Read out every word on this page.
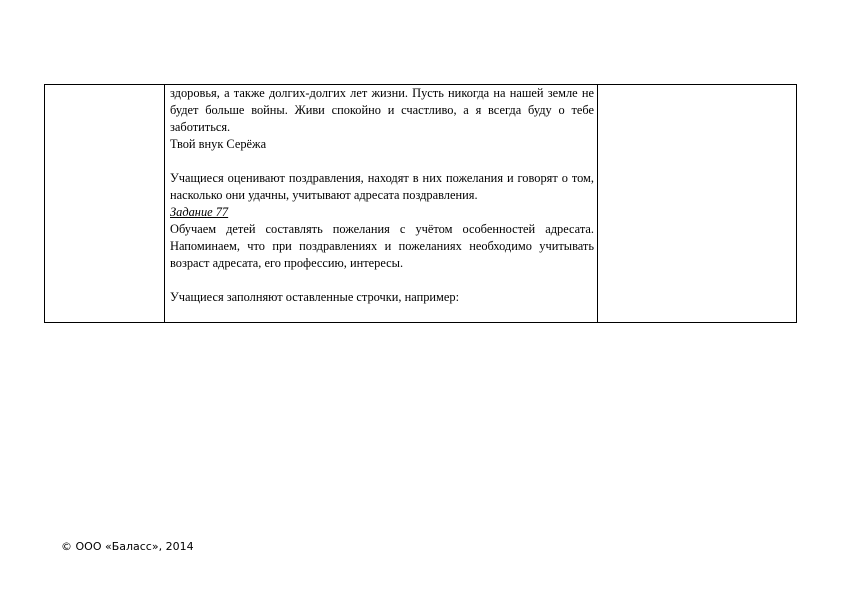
здоровья, а также долгих-долгих лет жизни. Пусть никогда на нашей земле не будет больше войны. Живи спокойно и счастливо, а я всегда буду о тебе заботиться.

Твой внук Серёжа

Учащиеся оценивают поздравления, находят в них пожелания и говорят о том, насколько они удачны, учитывают адресата поздравления.

Задание 77

Обучаем детей составлять пожелания с учётом особенностей адресата. Напоминаем, что при поздравлениях и пожеланиях необходимо учитывать возраст адресата, его профессию, интересы.

Учащиеся заполняют оставленные строчки, например:

© ООО «Баласс», 2014
